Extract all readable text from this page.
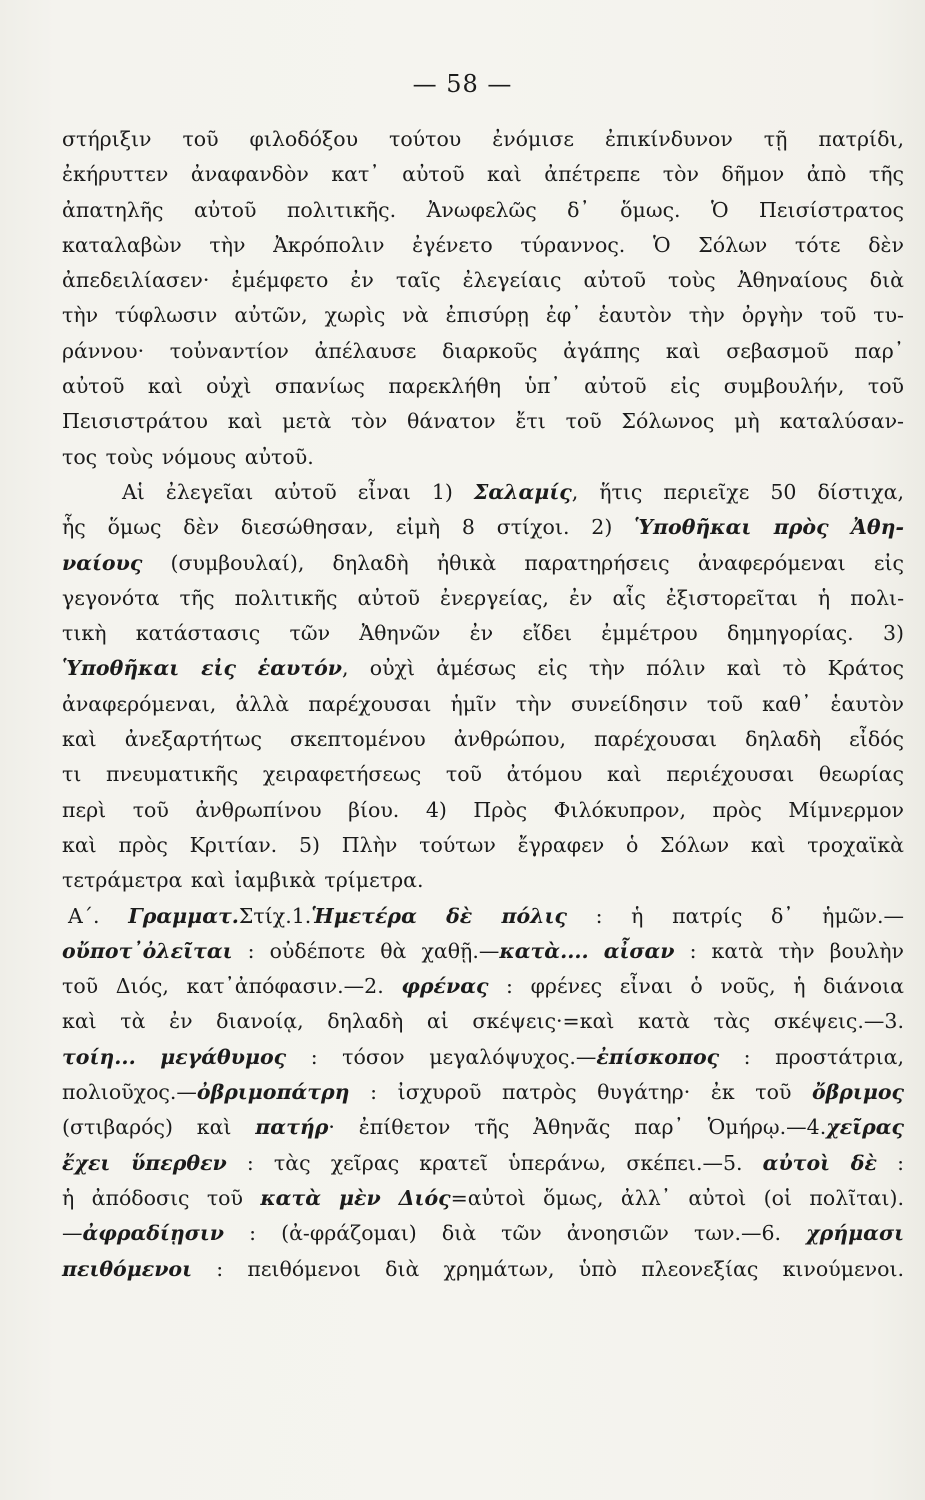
— 58 —
στήριξιν τοῦ φιλοδόξου τούτου ἐνόμισε ἐπικίνδυνον τῇ πατρίδι,
ἐκήρυττεν ἀναφανδὸν κατ᾽ αὐτοῦ καὶ ἀπέτρεπε τὸν δῆμον ἀπὸ τῆς
ἀπατηλῆς αὐτοῦ πολιτικῆς. Ἀνωφελῶς δ᾽ ὅμως. Ὁ Πεισίστρατος
καταλαβὼν τὴν Ἀκρόπολιν ἐγένετο τύραννος. Ὁ Σόλων τότε δὲν
ἀπεδειλίασεν· ἐμέμφετο ἐν ταῖς ἐλεγείαις αὐτοῦ τοὺς Ἀθηναίους διὰ
τὴν τύφλωσιν αὐτῶν, χωρὶς νὰ ἐπισύρῃ ἐφ᾽ ἑαυτὸν τὴν ὀργὴν τοῦ τυ-
ράννου· τοὐναντίον ἀπέλαυσε διαρκοῦς ἀγάπης καὶ σεβασμοῦ παρ᾽
αὐτοῦ καὶ οὐχὶ σπανίως παρεκλήθη ὑπ᾽ αὐτοῦ εἰς συμβουλήν, τοῦ
Πεισιστράτου καὶ μετὰ τὸν θάνατον ἔτι τοῦ Σόλωνος μὴ καταλύσαν-
τος τοὺς νόμους αὐτοῦ.
Αἱ ἐλεγεῖαι αὐτοῦ εἶναι 1) Σαλαμίς, ἥτις περιεῖχε 50 δίστιχα,
ἧς ὅμως δὲν διεσώθησαν, εἰμὴ 8 στίχοι. 2) Ὑποθῆκαι πρὸς Ἀθη-
ναίους (συμβουλαί), δηλαδὴ ἠθικὰ παρατηρήσεις ἀναφερόμεναι εἰς
γεγονότα τῆς πολιτικῆς αὐτοῦ ἐνεργείας, ἐν αἷς ἐξιστορεῖται ἡ πολι-
τικὴ κατάστασις τῶν Ἀθηνῶν ἐν εἴδει ἐμμέτρου δημηγορίας. 3)
Ὑποθῆκαι εἰς ἑαυτόν, οὐχὶ ἀμέσως εἰς τὴν πόλιν καὶ τὸ Κράτος
ἀναφερόμεναι, ἀλλὰ παρέχουσαι ἡμῖν τὴν συνείδησιν τοῦ καθ᾽ ἑαυτὸν
καὶ ἀνεξαρτήτως σκεπτομένου ἀνθρώπου, παρέχουσαι δηλαδὴ εἶδός
τι πνευματικῆς χειραφετήσεως τοῦ ἀτόμου καὶ περιέχουσαι θεωρίας
περὶ τοῦ ἀνθρωπίνου βίου. 4) Πρὸς Φιλόκυπρον, πρὸς Μίμνερμον
καὶ πρὸς Κριτίαν. 5) Πλὴν τούτων ἔγραφεν ὁ Σόλων καὶ τροχαϊκὰ
τετράμετρα καὶ ἰαμβικὰ τρίμετρα.
Α΄. Γραμματ.Στίχ.1.Ἡμετέρα δὲ πόλις : ἡ πατρίς δ᾽ ἡμῶν.—
οὔποτ᾽ὀλεῖται : οὐδέποτε θὰ χαθῇ.—κατὰ.... αἶσαν : κατὰ τὴν βουλὴν
τοῦ Διός, κατ᾽ἀπόφασιν.—2. φρένας : φρένες εἶναι ὁ νοῦς, ἡ διάνοια
καὶ τὰ ἐν διανοίᾳ, δηλαδὴ αἱ σκέψεις·=καὶ κατὰ τὰς σκέψεις.—3.
τοίη... μεγάθυμος : τόσον μεγαλόψυχος.—ἐπίσκοπος : προστάτρια,
πολιοῦχος.—ὀβριμοπάτρη : ἰσχυροῦ πατρὸς θυγάτηρ· ἐκ τοῦ ὄβριμος
(στιβαρός) καὶ πατήρ· ἐπίθετον τῆς Ἀθηνᾶς παρ᾽ Ὁμήρῳ.—4.χεῖρας
ἔχει ὕπερθεν : τὰς χεῖρας κρατεῖ ὑπεράνω, σκέπει.—5. αὐτοὶ δὲ :
ἡ ἀπόδοσις τοῦ κατὰ μὲν Διός=αὐτοὶ ὅμως, ἀλλ᾽ αὐτοὶ (οἱ πολῖται).
—ἀφραδίῃσιν : (ἀ-φράζομαι) διὰ τῶν ἀνοησιῶν των.—6. χρήμασι
πειθόμενοι : πειθόμενοι διὰ χρημάτων, ὑπὸ πλεονεξίας κινούμενοι.
